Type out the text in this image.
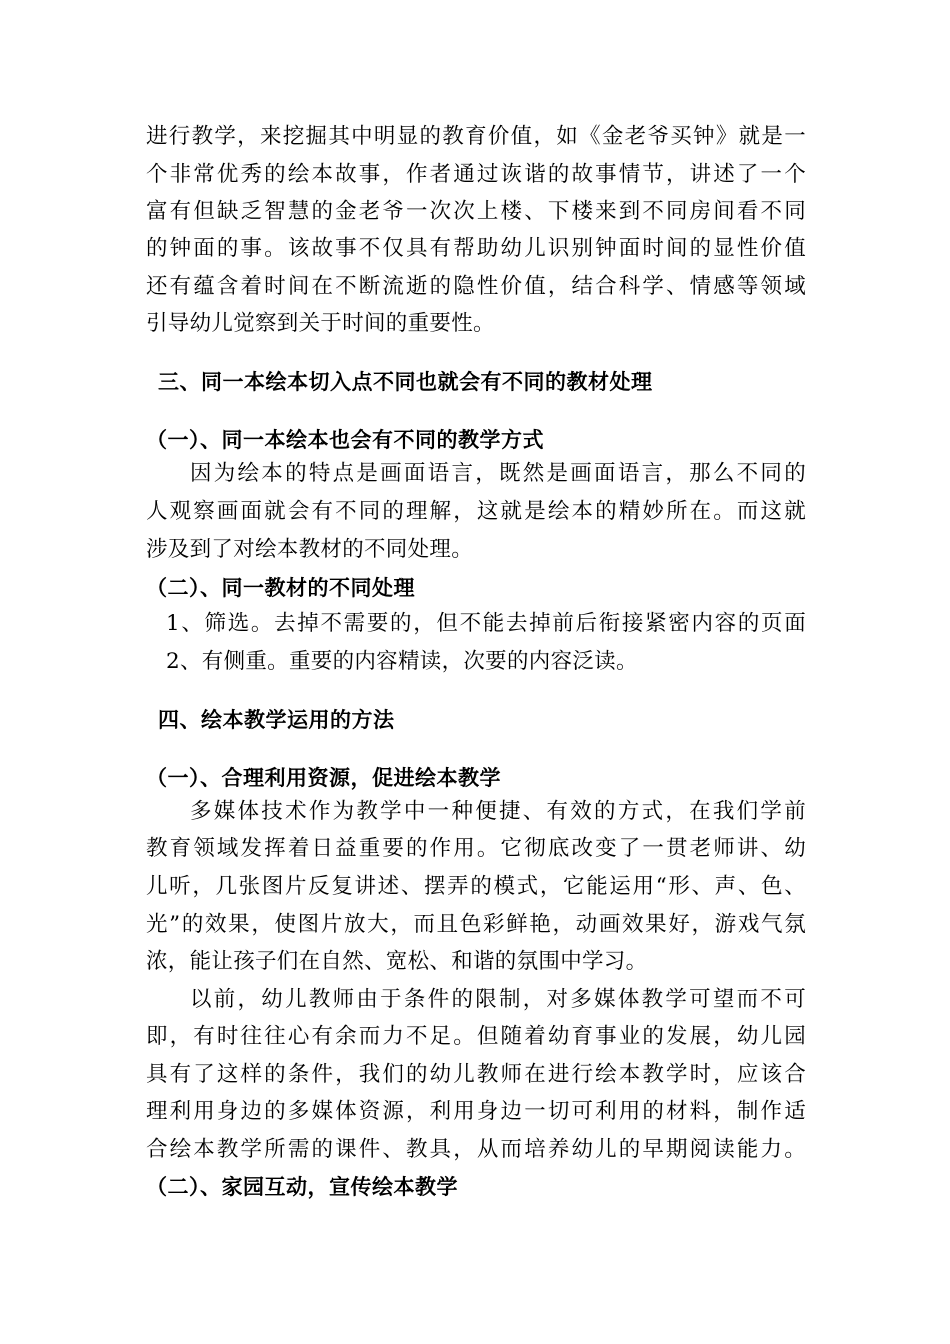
进行教学，来挖掘其中明显的教育价值，如《金老爷买钟》就是一
个非常优秀的绘本故事，作者通过诙谐的故事情节，讲述了一个
富有但缺乏智慧的金老爷一次次上楼、下楼来到不同房间看不同
的钟面的事。该故事不仅具有帮助幼儿识别钟面时间的显性价值
还有蕴含着时间在不断流逝的隐性价值，结合科学、情感等领域
引导幼儿觉察到关于时间的重要性。
三、同一本绘本切入点不同也就会有不同的教材处理
（一）、同一本绘本也会有不同的教学方式
因为绘本的特点是画面语言，既然是画面语言，那么不同的
人观察画面就会有不同的理解，这就是绘本的精妙所在。而这就
涉及到了对绘本教材的不同处理。
（二）、同一教材的不同处理
1、筛选。去掉不需要的，但不能去掉前后衔接紧密内容的页面
2、有侧重。重要的内容精读，次要的内容泛读。
四、绘本教学运用的方法
（一）、合理利用资源，促进绘本教学
多媒体技术作为教学中一种便捷、有效的方式，在我们学前
教育领域发挥着日益重要的作用。它彻底改变了一贯老师讲、幼
儿听，几张图片反复讲述、摆弄的模式，它能运用“形、声、色、
光”的效果，使图片放大，而且色彩鲜艳，动画效果好，游戏气氛
浓，能让孩子们在自然、宽松、和谐的氛围中学习。
以前，幼儿教师由于条件的限制，对多媒体教学可望而不可
即，有时往往心有余而力不足。但随着幼育事业的发展，幼儿园
具有了这样的条件，我们的幼儿教师在进行绘本教学时，应该合
理利用身边的多媒体资源，利用身边一切可利用的材料，制作适
合绘本教学所需的课件、教具，从而培养幼儿的早期阅读能力。
（二）、家园互动，宣传绘本教学
